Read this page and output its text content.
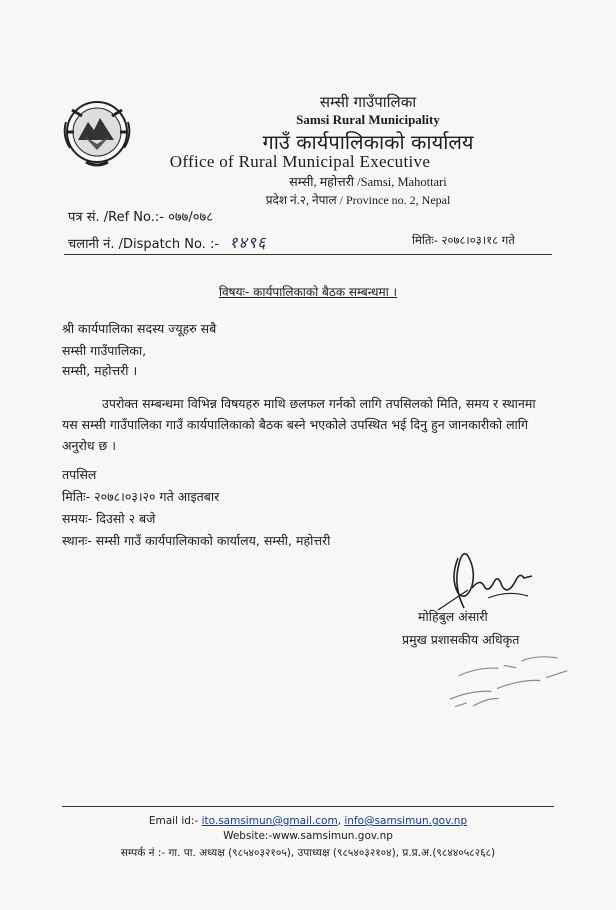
सम्सी गाउँपालिका
Samsi Rural Municipality
गाउँ कार्यपालिकाको कार्यालय
Office of Rural Municipal Executive
सम्सी, महोत्तरी /Samsi, Mahottari
प्रदेश नं.२, नेपाल / Province no. 2, Nepal
पत्र सं. /Ref No.:- ०७७/०७८
चलानी नं. /Dispatch No. :- १४९६	मितिः- २०७८।०३।१८ गते
विषयः- कार्यपालिकाको बैठक सम्बन्धमा ।
श्री कार्यपालिका सदस्य ज्यूहरु सबै
सम्सी गाउँपालिका,
सम्सी, महोत्तरी ।
उपरोक्त सम्बन्धमा विभिन्न विषयहरु माथि छलफल गर्नको लागि तपसिलको मिति, समय र स्थानमा यस सम्सी गाउँपालिका गाउँ कार्यपालिकाको बैठक बस्ने भएकोले उपस्थित भई दिनु हुन जानकारीको लागि अनुरोध छ ।
तपसिल
मितिः- २०७८।०३।२० गते आइतबार
समयः- दिउसो २ बजे
स्थानः- सम्सी गाउँ कार्यपालिकाको कार्यालय, सम्सी, महोत्तरी
मोहिबुल अंसारी
प्रमुख प्रशासकीय अधिकृत
Email id:- ito.samsimun@gmail.com, info@samsimun.gov.np
Website:-www.samsimun.gov.np
सम्पर्क नं :- गा. पा. अध्यक्ष (९८५४०३२१०५), उपाध्यक्ष (९८५४०३२१०४), प्र.प्र.अ.(९८४४०५८२६८)
